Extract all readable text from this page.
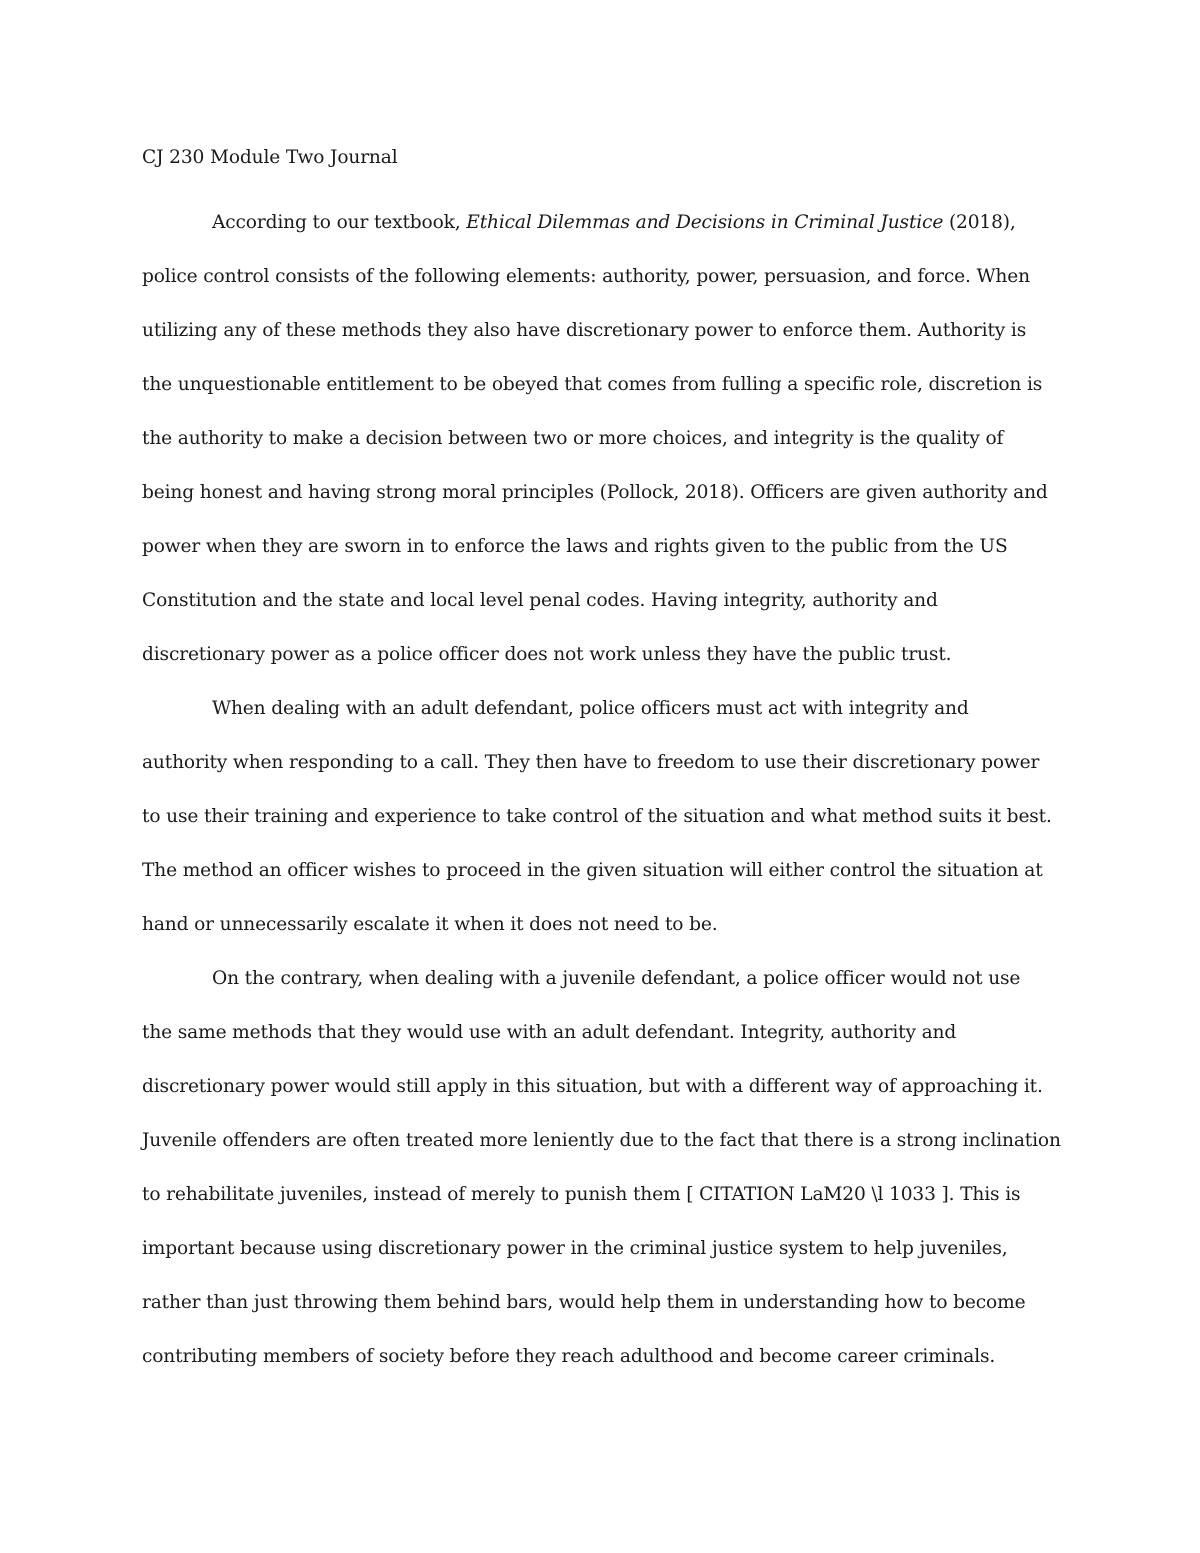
CJ 230 Module Two Journal
According to our textbook, Ethical Dilemmas and Decisions in Criminal Justice (2018),
police control consists of the following elements: authority, power, persuasion, and force. When
utilizing any of these methods they also have discretionary power to enforce them. Authority is
the unquestionable entitlement to be obeyed that comes from fulling a specific role, discretion is
the authority to make a decision between two or more choices, and integrity is the quality of
being honest and having strong moral principles (Pollock, 2018). Officers are given authority and
power when they are sworn in to enforce the laws and rights given to the public from the US
Constitution and the state and local level penal codes. Having integrity, authority and
discretionary power as a police officer does not work unless they have the public trust.
When dealing with an adult defendant, police officers must act with integrity and
authority when responding to a call. They then have to freedom to use their discretionary power
to use their training and experience to take control of the situation and what method suits it best.
The method an officer wishes to proceed in the given situation will either control the situation at
hand or unnecessarily escalate it when it does not need to be.
On the contrary, when dealing with a juvenile defendant, a police officer would not use
the same methods that they would use with an adult defendant. Integrity, authority and
discretionary power would still apply in this situation, but with a different way of approaching it.
Juvenile offenders are often treated more leniently due to the fact that there is a strong inclination
to rehabilitate juveniles, instead of merely to punish them [ CITATION LaM20 \l 1033 ]. This is
important because using discretionary power in the criminal justice system to help juveniles,
rather than just throwing them behind bars, would help them in understanding how to become
contributing members of society before they reach adulthood and become career criminals.
